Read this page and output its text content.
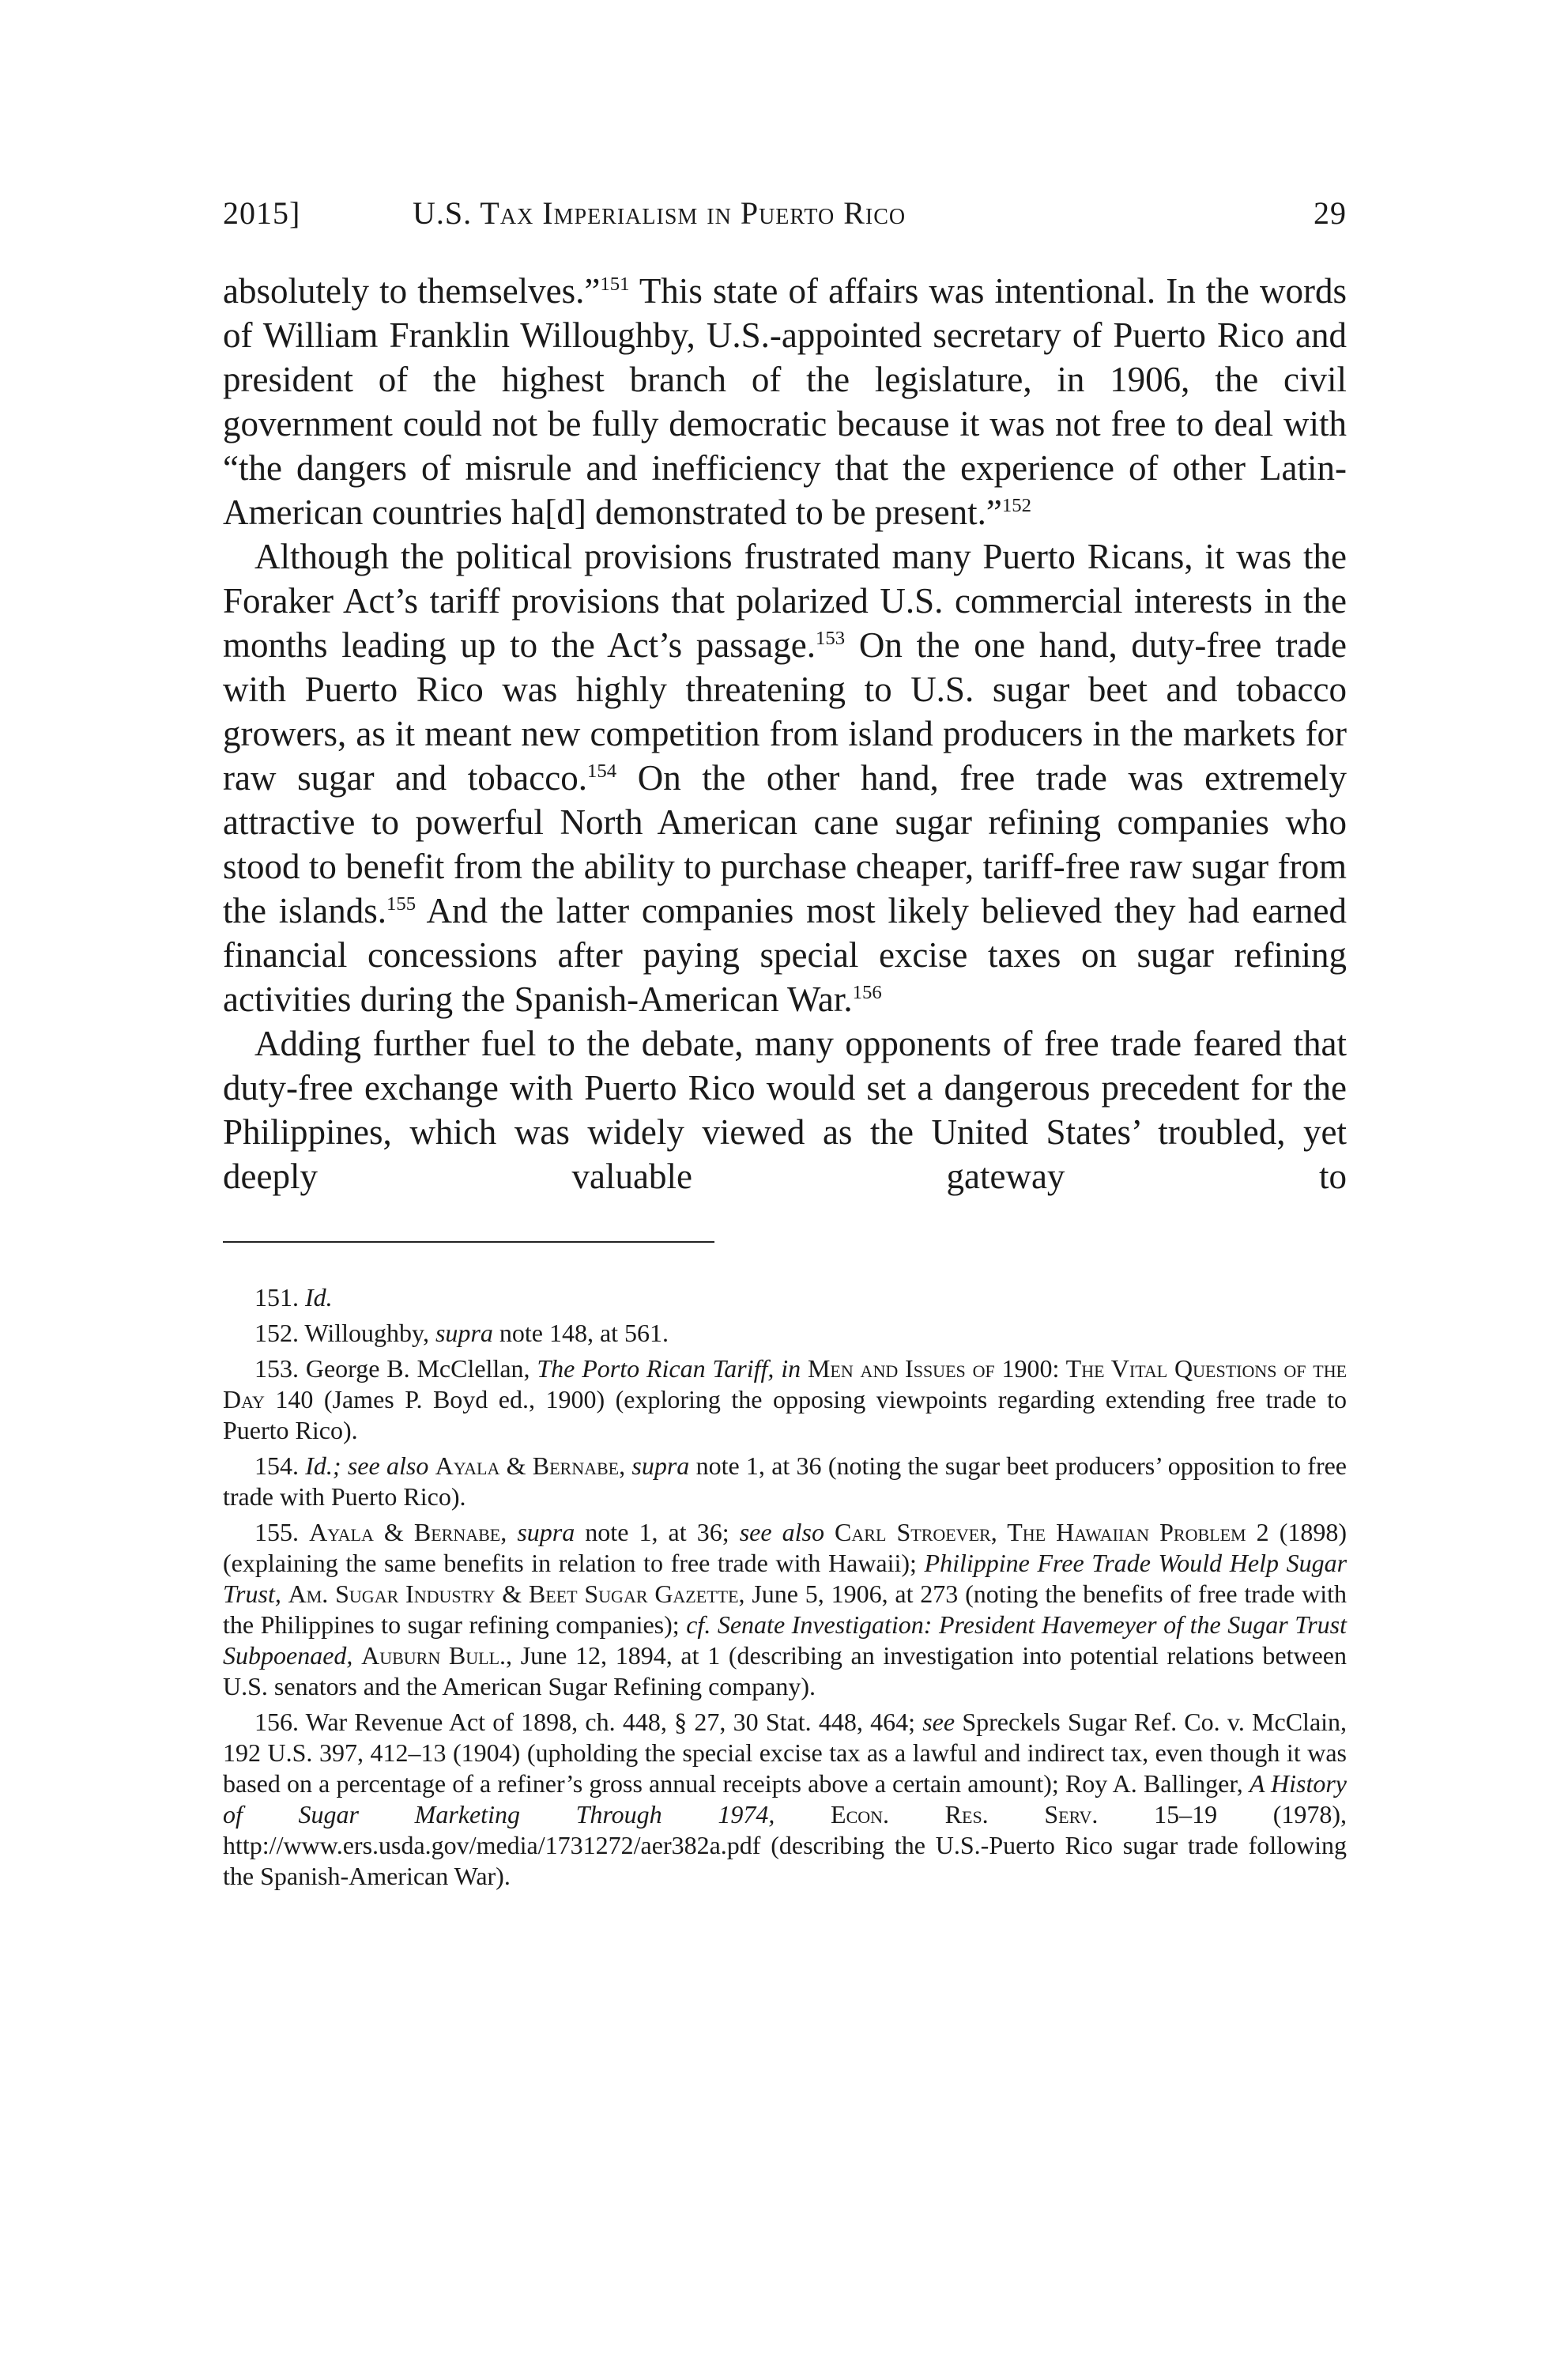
2015]	U.S. Tax Imperialism in Puerto Rico	29

absolutely to themselves.”$^{151}$ This state of affairs was intentional. In the words of William Franklin Willoughby, U.S.-appointed secretary of Puerto Rico and president of the highest branch of the legislature, in 1906, the civil government could not be fully democratic because it was not free to deal with “the dangers of misrule and inefficiency that the experience of other Latin-American countries ha[d] demonstrated to be present.”$^{152}$

Although the political provisions frustrated many Puerto Ricans, it was the Foraker Act’s tariff provisions that polarized U.S. commercial interests in the months leading up to the Act’s passage.$^{153}$ On the one hand, duty-free trade with Puerto Rico was highly threatening to U.S. sugar beet and tobacco growers, as it meant new competition from island producers in the markets for raw sugar and tobacco.$^{154}$ On the other hand, free trade was extremely attractive to powerful North American cane sugar refining companies who stood to benefit from the ability to purchase cheaper, tariff-free raw sugar from the islands.$^{155}$ And the latter companies most likely believed they had earned financial concessions after paying special excise taxes on sugar refining activities during the Spanish-American War.$^{156}$

Adding further fuel to the debate, many opponents of free trade feared that duty-free exchange with Puerto Rico would set a dangerous precedent for the Philippines, which was widely viewed as the United States’ troubled, yet deeply valuable gateway to

151. Id.

152. Willoughby, supra note 148, at 561.

153. George B. McClellan, The Porto Rican Tariff, in Men and Issues of 1900: The Vital Questions of the Day 140 (James P. Boyd ed., 1900) (exploring the opposing viewpoints regarding extending free trade to Puerto Rico).

154. Id.; see also Ayala & Bernabe, supra note 1, at 36 (noting the sugar beet producers’ opposition to free trade with Puerto Rico).

155. Ayala & Bernabe, supra note 1, at 36; see also Carl Stroever, The Hawaiian Problem 2 (1898) (explaining the same benefits in relation to free trade with Hawaii); Philippine Free Trade Would Help Sugar Trust, Am. Sugar Industry & Beet Sugar Gazette, June 5, 1906, at 273 (noting the benefits of free trade with the Philippines to sugar refining companies); cf. Senate Investigation: President Havemeyer of the Sugar Trust Subpoenaed, Auburn Bull., June 12, 1894, at 1 (describing an investigation into potential relations between U.S. senators and the American Sugar Refining company).

156. War Revenue Act of 1898, ch. 448, § 27, 30 Stat. 448, 464; see Spreckels Sugar Ref. Co. v. McClain, 192 U.S. 397, 412–13 (1904) (upholding the special excise tax as a lawful and indirect tax, even though it was based on a percentage of a refiner’s gross annual receipts above a certain amount); Roy A. Ballinger, A History of Sugar Marketing Through 1974, Econ. Res. Serv. 15–19 (1978), http://www.ers.usda.gov/media/1731272/aer382a.pdf (describing the U.S.-Puerto Rico sugar trade following the Spanish-American War).
